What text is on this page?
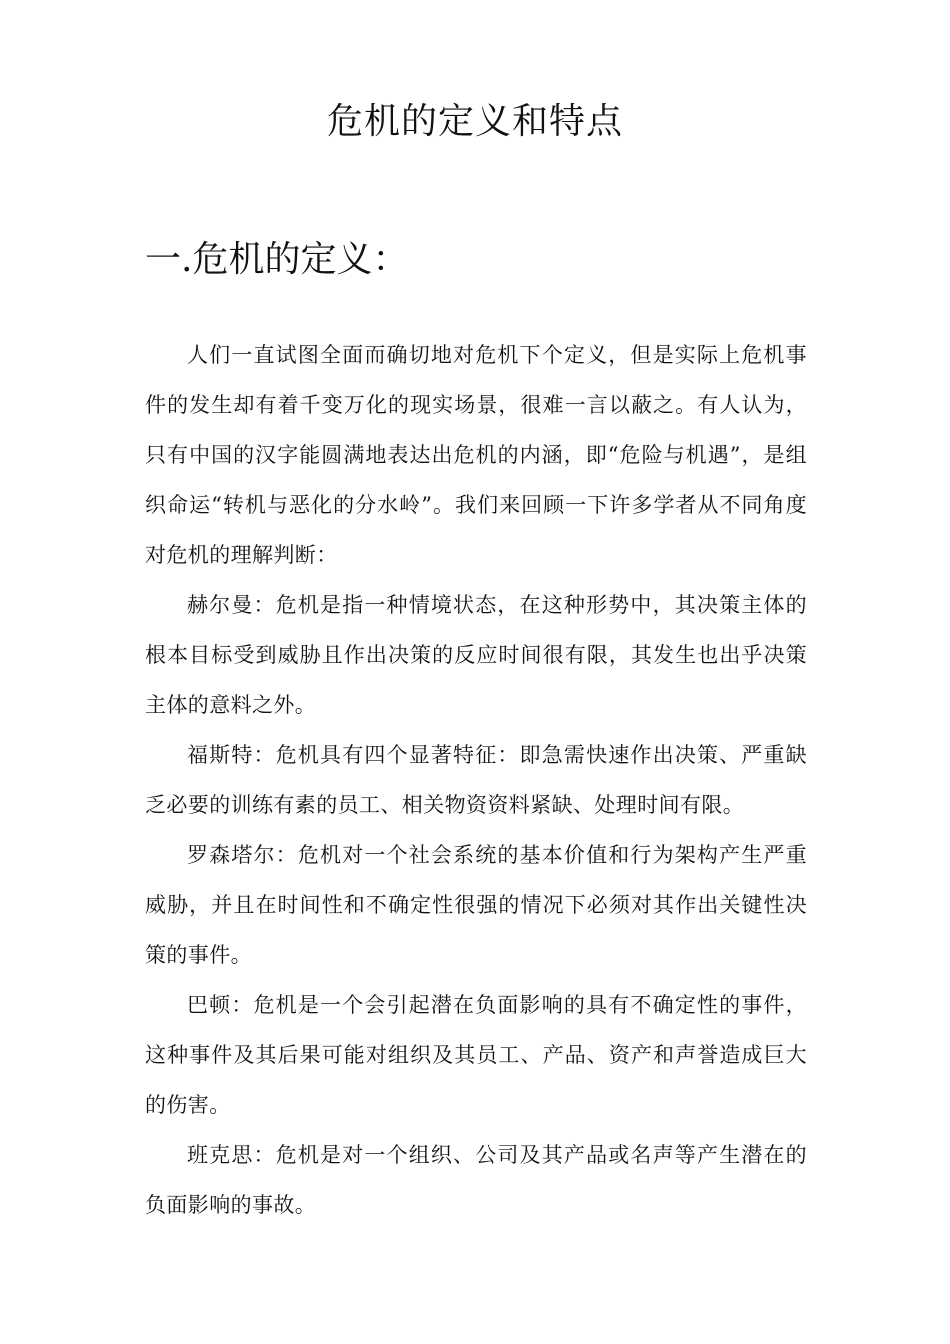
危机的定义和特点
一.危机的定义：

人们一直试图全面而确切地对危机下个定义，但是实际上危机事件的发生却有着千变万化的现实场景，很难一言以蔽之。有人认为，只有中国的汉字能圆满地表达出危机的内涵，即“危险与机遇”，是组织命运“转机与恶化的分水岭”。我们来回顾一下许多学者从不同角度对危机的理解判断：

赫尔曼：危机是指一种情境状态，在这种形势中，其决策主体的根本目标受到威胁且作出决策的反应时间很有限，其发生也出乎决策主体的意料之外。

福斯特：危机具有四个显著特征：即急需快速作出决策、严重缺乏必要的训练有素的员工、相关物资资料紧缺、处理时间有限。

罗森塔尔：危机对一个社会系统的基本价值和行为架构产生严重威胁，并且在时间性和不确定性很强的情况下必须对其作出关键性决策的事件。

巴顿：危机是一个会引起潜在负面影响的具有不确定性的事件，这种事件及其后果可能对组织及其员工、产品、资产和声誉造成巨大的伤害。

班克思：危机是对一个组织、公司及其产品或名声等产生潜在的负面影响的事故。
